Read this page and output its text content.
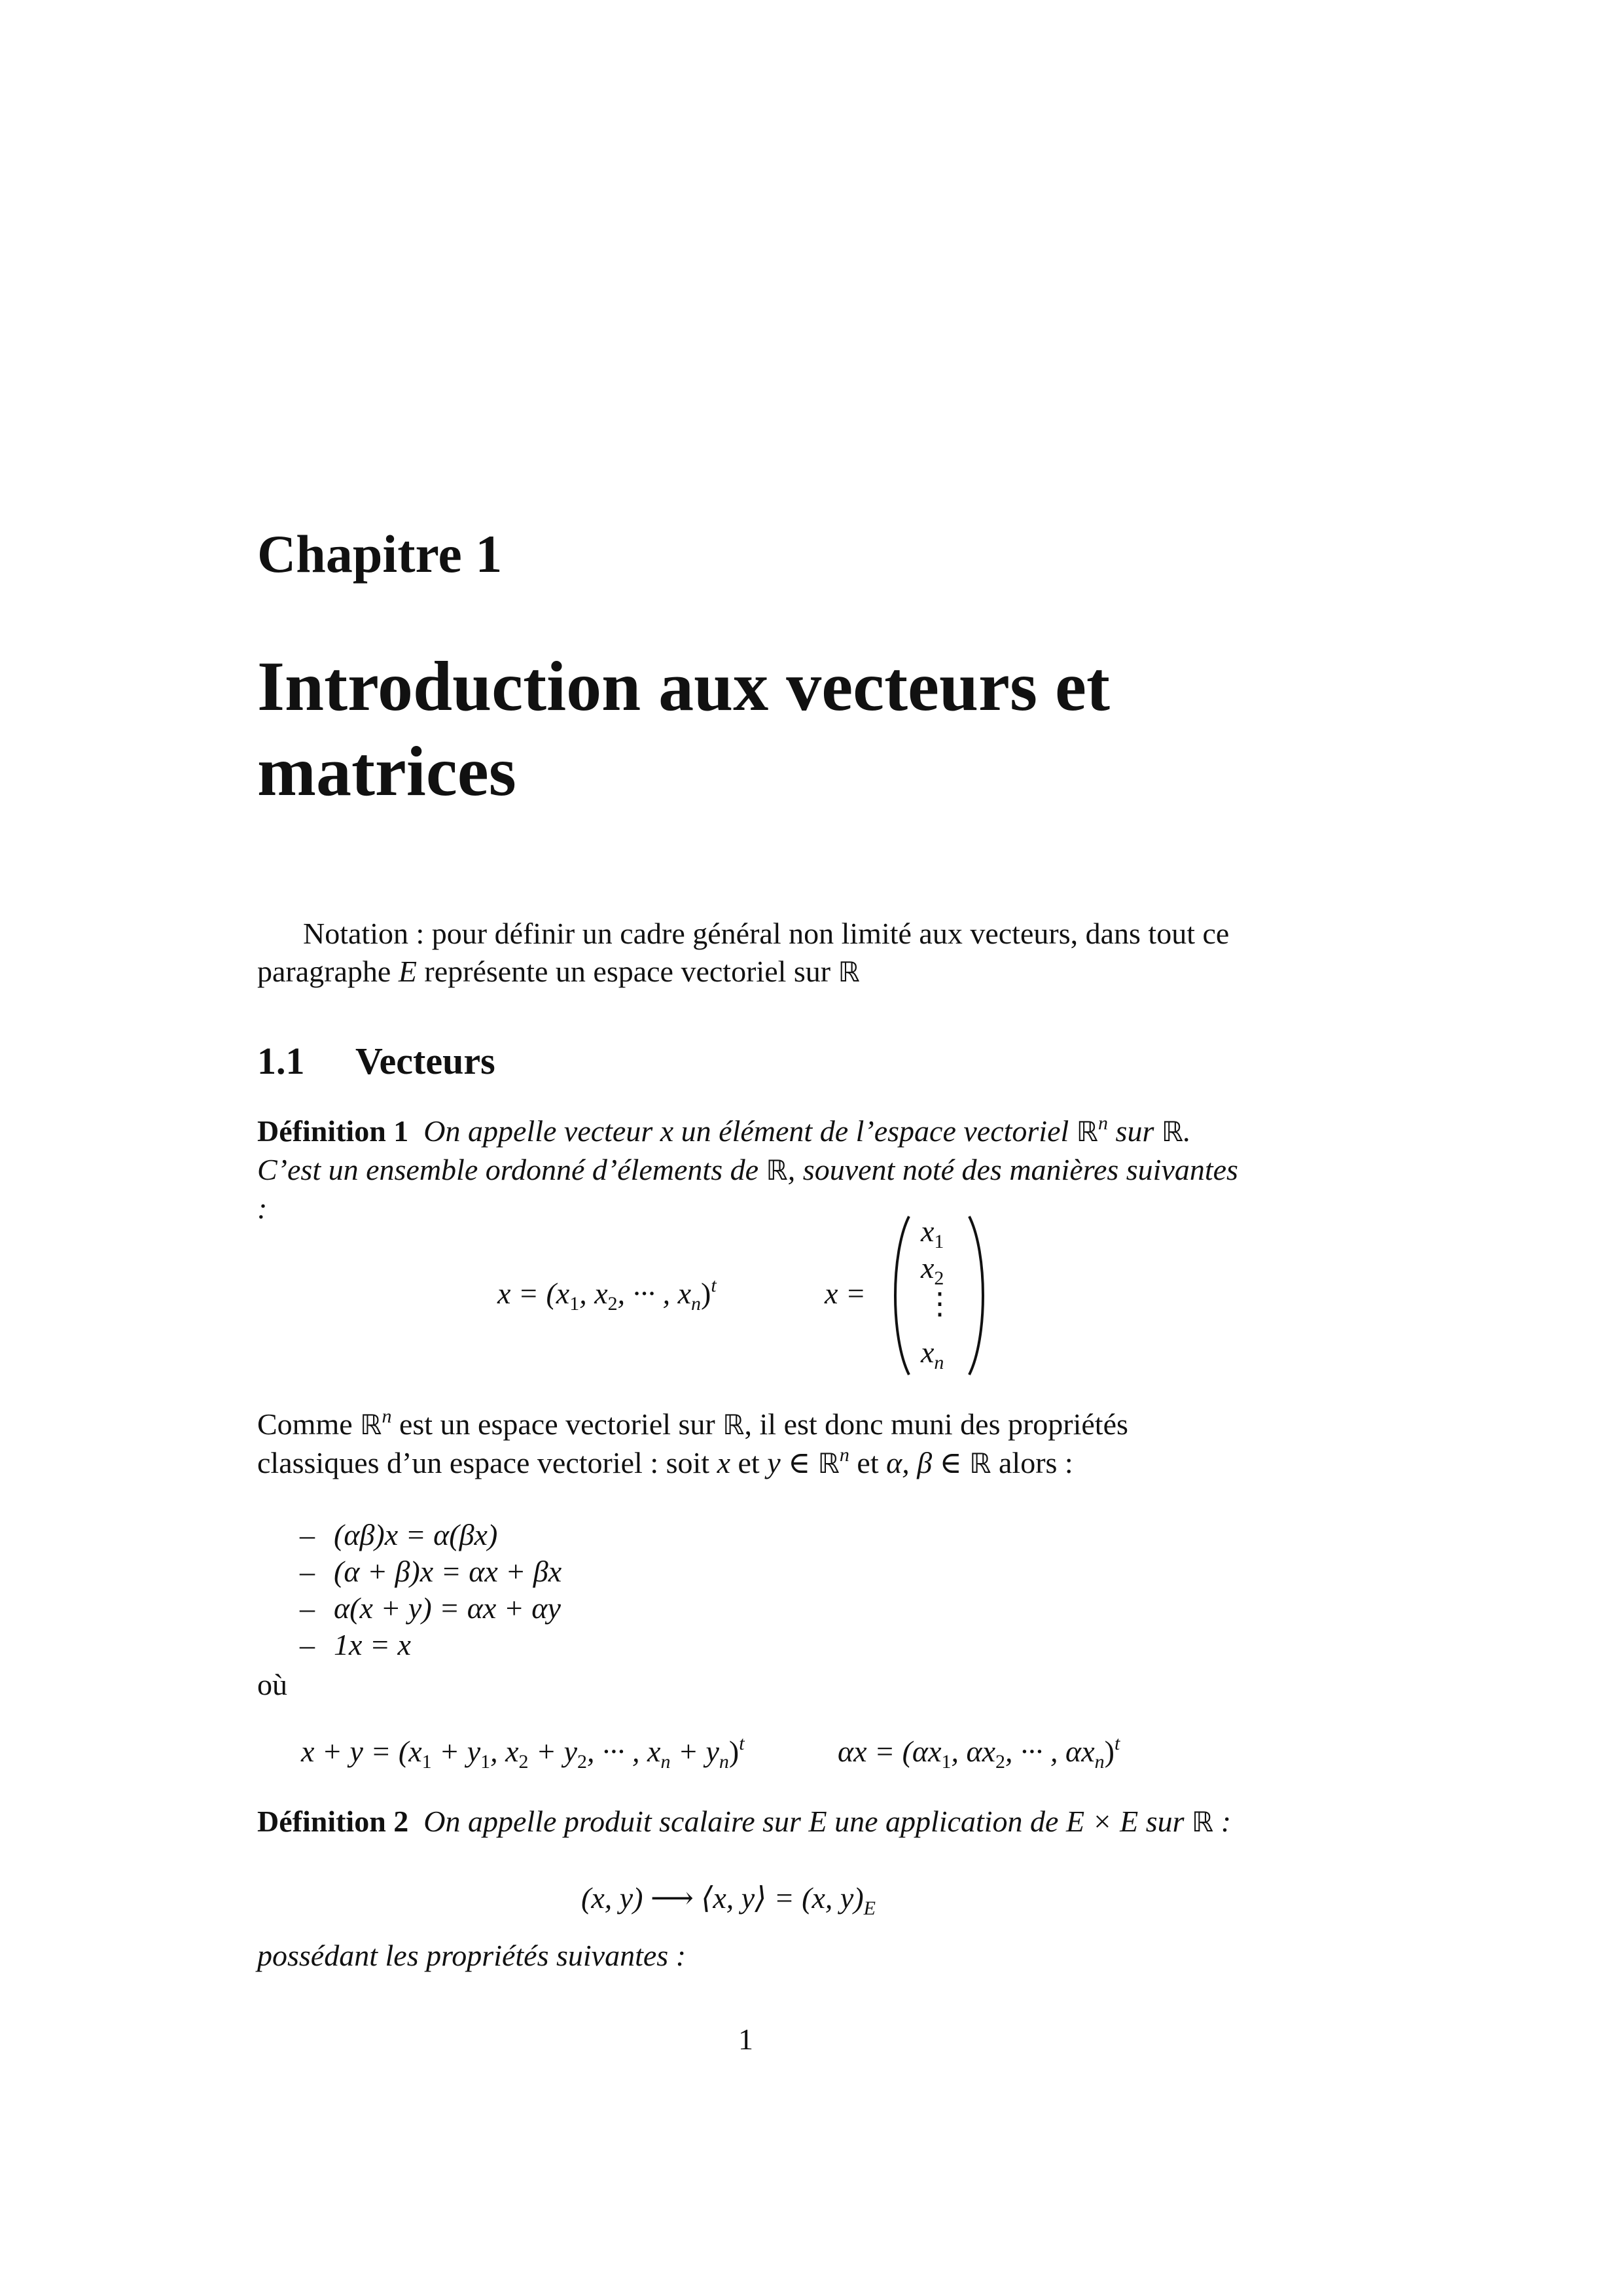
Chapitre 1
Introduction aux vecteurs et matrices
Notation : pour définir un cadre général non limité aux vecteurs, dans tout ce paragraphe E représente un espace vectoriel sur ℝ
1.1 Vecteurs
Définition 1 On appelle vecteur x un élément de l’espace vectoriel ℝ$^n$ sur ℝ. C’est un ensemble ordonné d’élements de ℝ, souvent noté des manières suivantes :
$x = (x_1$, $x_2$, ··· , $x_n)^t$	x =
$x_1$
$x_2$
⋮
$x_n$
Comme ℝ$^n$ est un espace vectoriel sur ℝ, il est donc muni des propriétés classiques d’un espace vectoriel : soit x et y ∈ ℝ$^n$ et α, β ∈ ℝ alors :
– (αβ)x = α(βx)
– (α + β)x = αx + βx
– α(x + y) = αx + αy
– 1x = x
où
$x + y = (x_1 + y_1$, $x_2 + y_2$, ··· , $x_n + y_n)^t$	$\alpha x = (\alpha x_1$, $\alpha x_2$, ··· , $\alpha x_n)^t$
Définition 2 On appelle produit scalaire sur E une application de E × E sur ℝ :
(x, y) ⟶ ⟨x, y⟩ = (x, $y)_E$
possédant les propriétés suivantes :
1
